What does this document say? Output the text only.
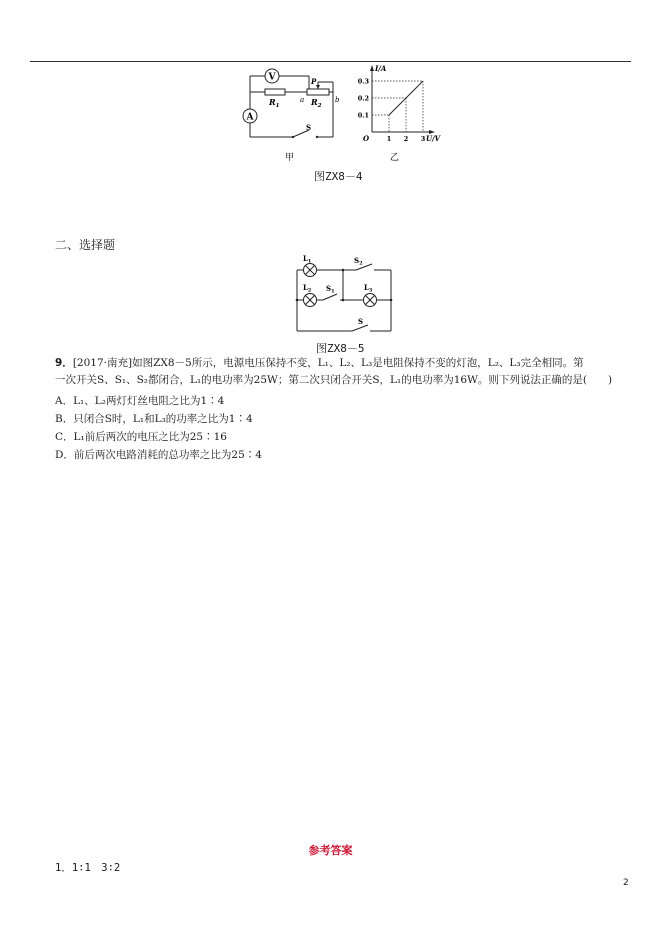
V
A
$R_1$	$R_2$
P
a	b
S
甲
0.3
0.2
0.1
1 2 3
I/A
U/V
O
乙
图ZX8－4
二、选择题
$L_1$
$L_2$	$L_3$
$S_1$
$S_2$
S
图ZX8－5
9．[2017·南充]如图ZX8－5所示，电源电压保持不变，L₁、L₂、L₃是电阻保持不变的灯泡，L₂、L₃完全相同。第
一次开关S、S₁、S₂都闭合，L₁的电功率为25W；第二次只闭合开关S，L₁的电功率为16W。则下列说法正确的是(　　)
A．L₁、L₂两灯灯丝电阻之比为1∶4
B．只闭合S时，L₁和L₃的功率之比为1∶4
C．L₁前后两次的电压之比为25∶16
D．前后两次电路消耗的总功率之比为25∶4
参考答案
1．1∶1　3∶2
2
